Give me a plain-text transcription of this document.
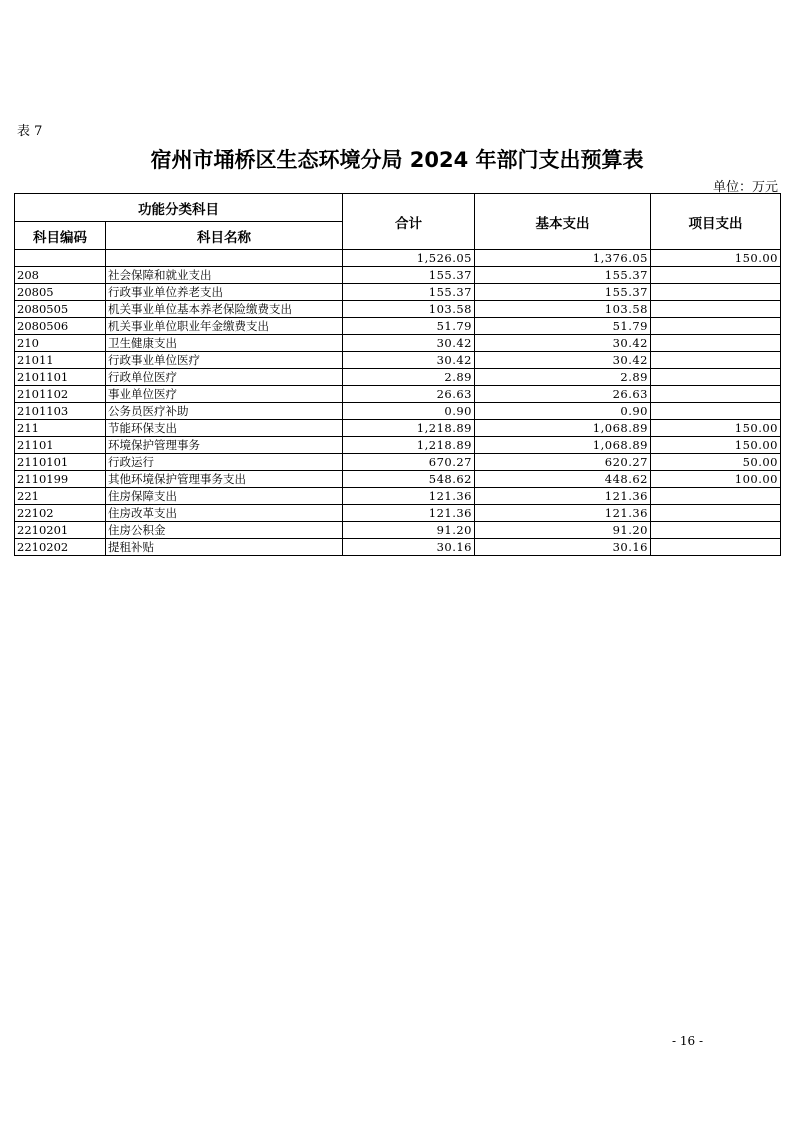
表 7
宿州市埇桥区生态环境分局 2024 年部门支出预算表
单位：万元
功能分类科目		合计	基本支出	项目支出
科目编码	科目名称			
		1,526.05	1,376.05	150.00
208	社会保障和就业支出	155.37	155.37	
20805	行政事业单位养老支出	155.37	155.37	
2080505	机关事业单位基本养老保险缴费支出	103.58	103.58	
2080506	机关事业单位职业年金缴费支出	51.79	51.79	
210	卫生健康支出	30.42	30.42	
21011	行政事业单位医疗	30.42	30.42	
2101101	行政单位医疗	2.89	2.89	
2101102	事业单位医疗	26.63	26.63	
2101103	公务员医疗补助	0.90	0.90	
211	节能环保支出	1,218.89	1,068.89	150.00
21101	环境保护管理事务	1,218.89	1,068.89	150.00
2110101	行政运行	670.27	620.27	50.00
2110199	其他环境保护管理事务支出	548.62	448.62	100.00
221	住房保障支出	121.36	121.36	
22102	住房改革支出	121.36	121.36	
2210201	住房公积金	91.20	91.20	
2210202	提租补贴	30.16	30.16	
- 16 -
